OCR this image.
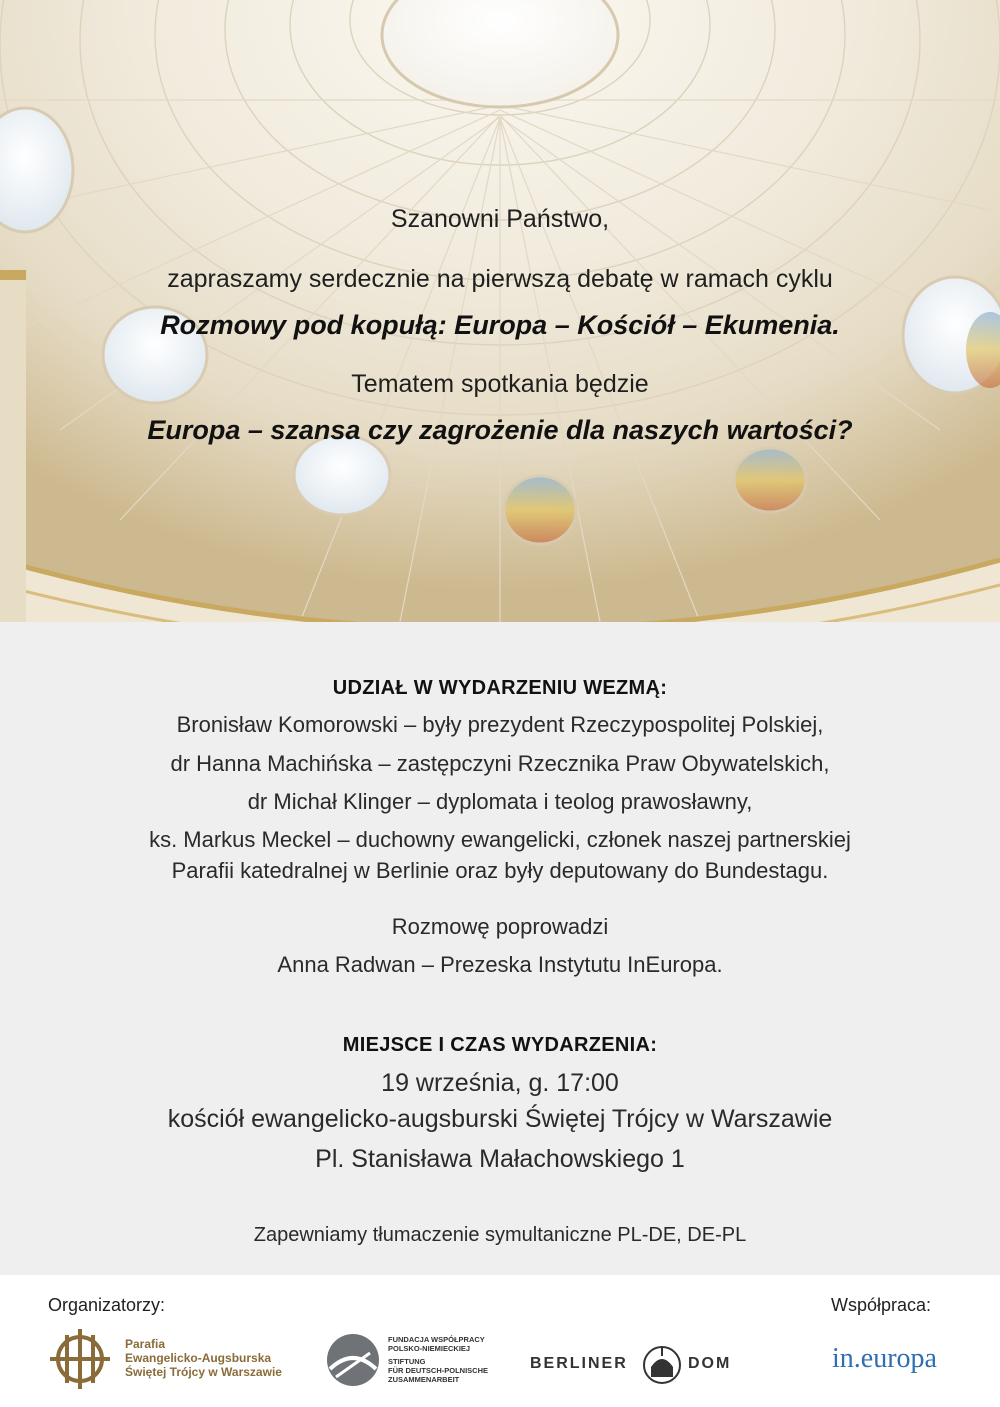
Szanowni Państwo,
zapraszamy serdecznie na pierwszą debatę w ramach cyklu
Rozmowy pod kopułą: Europa – Kościół – Ekumenia.
Tematem spotkania będzie
Europa – szansa czy zagrożenie dla naszych wartości?
UDZIAŁ W WYDARZENIU WEZMĄ:
Bronisław Komorowski – były prezydent Rzeczypospolitej Polskiej,
dr Hanna Machińska – zastępczyni Rzecznika Praw Obywatelskich,
dr Michał Klinger – dyplomata i teolog prawosławny,
ks. Markus Meckel – duchowny ewangelicki, członek naszej partnerskiej
Parafii katedralnej w Berlinie oraz były deputowany do Bundestagu.
Rozmowę poprowadzi
Anna Radwan – Prezeska Instytutu InEuropa.
MIEJSCE I CZAS WYDARZENIA:
19 września, g. 17:00
kościół ewangelicko-augsburski Świętej Trójcy w Warszawie
Pl. Stanisława Małachowskiego 1
Zapewniamy tłumaczenie symultaniczne PL-DE, DE-PL
Organizatorzy:	Współpraca:
Parafia
Ewangelicko-Augsburska
Świętej Trójcy w Warszawie
FUNDACJA WSPÓŁPRACY
POLSKO-NIEMIECKIEJ
STIFTUNG
FÜR DEUTSCH-POLNISCHE
ZUSAMMENARBEIT
BERLINER	DOM	in.europa
